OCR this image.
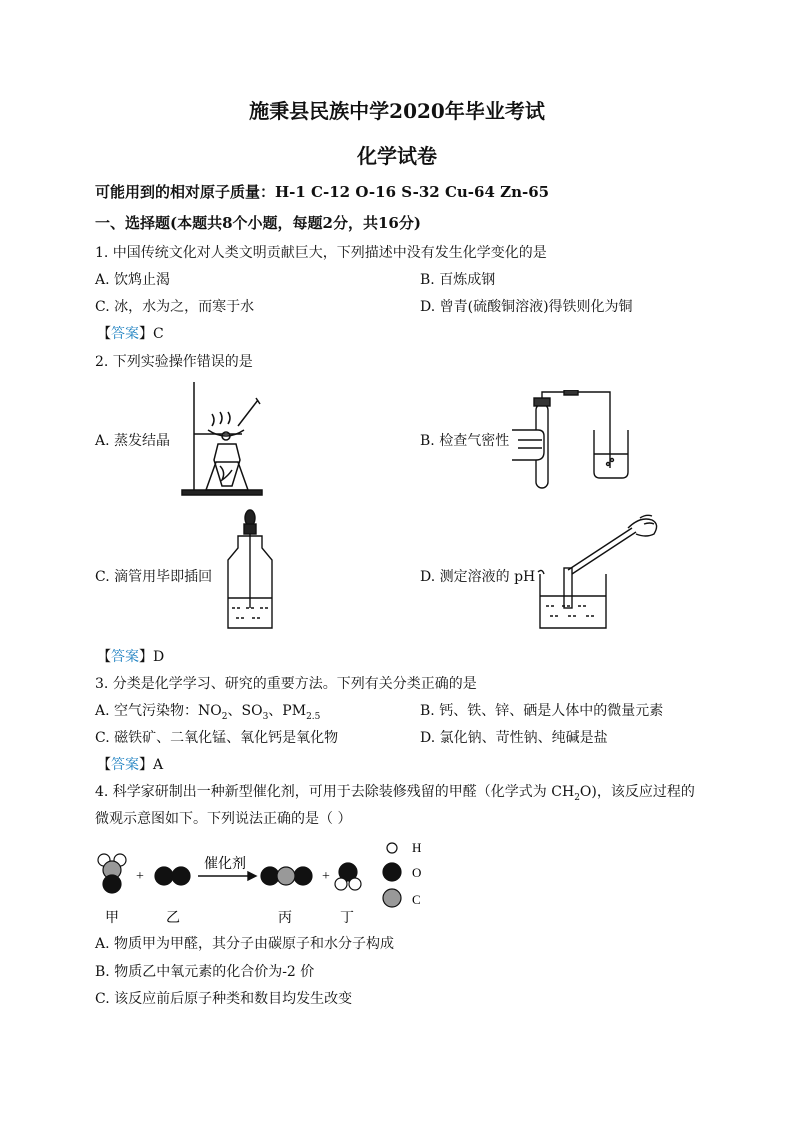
施秉县民族中学2020年毕业考试
化学试卷
可能用到的相对原子质量：H-1 C-12 O-16 S-32 Cu-64 Zn-65
一、选择题(本题共8个小题，每题2分，共16分)
1. 中国传统文化对人类文明贡献巨大，下列描述中没有发生化学变化的是
A. 饮鸩止渴	B. 百炼成钢
C. 冰，水为之，而寒于水	D. 曾青(硫酸铜溶液)得铁则化为铜
【答案】C
2. 下列实验操作错误的是
A. 蒸发结晶	B. 检查气密性
C. 滴管用毕即插回	D. 测定溶液的 pH
【答案】D
3. 分类是化学学习、研究的重要方法。下列有关分类正确的是
A. 空气污染物：$NO_2$、$SO_3$、$PM_{2.5}$	B. 钙、铁、锌、硒是人体中的微量元素
C. 磁铁矿、二氧化锰、氧化钙是氧化物	D. 氯化钠、苛性钠、纯碱是盐
【答案】A
4. 科学家研制出一种新型催化剂，可用于去除装修残留的甲醛（化学式为 $CH_2O$)，该反应过程的
微观示意图如下。下列说法正确的是（ ）
+
催化剂
+
H
O
C
甲	乙	丙	丁
A. 物质甲为甲醛，其分子由碳原子和水分子构成
B. 物质乙中氧元素的化合价为-2 价
C. 该反应前后原子种类和数目均发生改变
